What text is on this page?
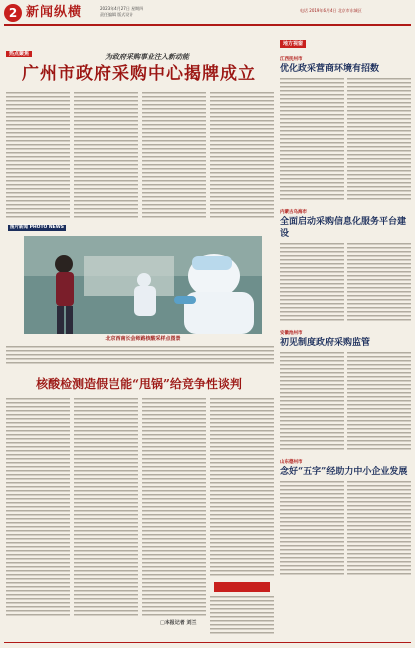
2 新闻纵横	2023年4月27日 星期四
责任编辑 版式设计
电话 2019年6月4日 北京市东城区
热点聚焦	为政府采购事业注入新动能
广州市政府采购中心揭牌成立
图片新闻 PHOTO NEWS
北京西南长会师路核酸采样点图景
核酸检测造假岂能“甩锅”给竞争性谈判
□本报记者 刘兰
地方视窗
江西抚州市
优化政采营商环境有招数
内蒙古乌海市
全面启动采购信息化服务平台建设
安徽池州市
初见制度政府采购监管
山东德州市
念好“五字”经助力中小企业发展
